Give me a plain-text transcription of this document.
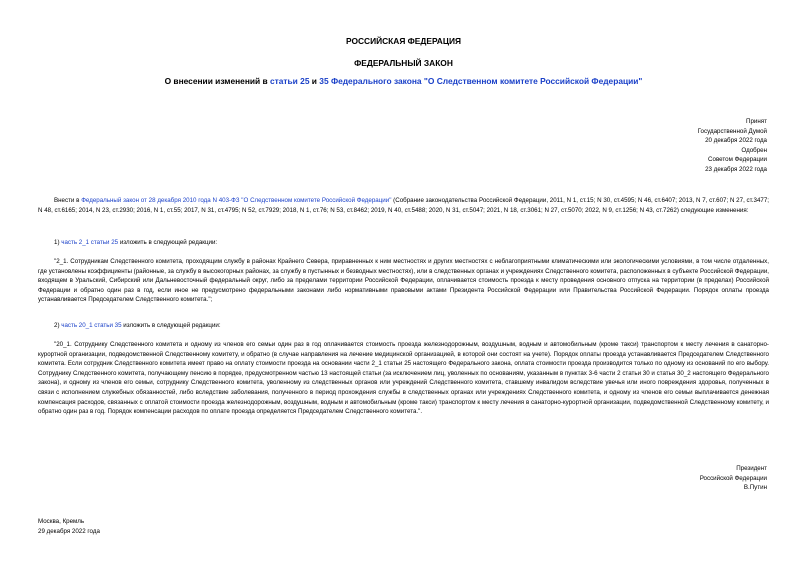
РОССИЙСКАЯ ФЕДЕРАЦИЯ
ФЕДЕРАЛЬНЫЙ ЗАКОН
О внесении изменений в статьи 25 и 35 Федерального закона "О Следственном комитете Российской Федерации"
Принят
Государственной Думой
20 декабря 2022 года
Одобрен
Советом Федерации
23 декабря 2022 года
Внести в Федеральный закон от 28 декабря 2010 года N 403-ФЗ "О Следственном комитете Российской Федерации" (Собрание законодательства Российской Федерации, 2011, N 1, ст.15; N 30, ст.4595; N 46, ст.6407; 2013, N 7, ст.607; N 27, ст.3477; N 48, ст.6165; 2014, N 23, ст.2930; 2016, N 1, ст.55; 2017, N 31, ст.4795; N 52, ст.7929; 2018, N 1, ст.76; N 53, ст.8462; 2019, N 40, ст.5488; 2020, N 31, ст.5047; 2021, N 18, ст.3061; N 27, ст.5070; 2022, N 9, ст.1256; N 43, ст.7262) следующие изменения:
1) часть 2_1 статьи 25 изложить в следующей редакции:
"2_1. Сотрудникам Следственного комитета, проходящим службу в районах Крайнего Севера, приравненных к ним местностях и других местностях с неблагоприятными климатическими или экологическими условиями, в том числе отдаленных, где установлены коэффициенты (районные, за службу в высокогорных районах, за службу в пустынных и безводных местностях), или в следственных органах и учреждениях Следственного комитета, расположенных в субъекте Российской Федерации, входящем в Уральский, Сибирский или Дальневосточный федеральный округ, либо за пределами территории Российской Федерации, оплачивается стоимость проезда к месту проведения основного отпуска на территории (в пределах) Российской Федерации и обратно один раз в год, если иное не предусмотрено федеральными законами либо нормативными правовыми актами Президента Российской Федерации или Правительства Российской Федерации. Порядок оплаты проезда устанавливается Председателем Следственного комитета.";
2) часть 20_1 статьи 35 изложить в следующей редакции:
"20_1. Сотруднику Следственного комитета и одному из членов его семьи один раз в год оплачивается стоимость проезда железнодорожным, воздушным, водным и автомобильным (кроме такси) транспортом к месту лечения в санаторно-курортной организации, подведомственной Следственному комитету, и обратно (в случае направления на лечение медицинской организацией, в которой они состоят на учете). Порядок оплаты проезда устанавливается Председателем Следственного комитета. Если сотрудник Следственного комитета имеет право на оплату стоимости проезда на основании части 2_1 статьи 25 настоящего Федерального закона, оплата стоимости проезда производится только по одному из оснований по его выбору. Сотруднику Следственного комитета, получающему пенсию в порядке, предусмотренном частью 13 настоящей статьи (за исключением лиц, уволенных по основаниям, указанным в пунктах 3-6 части 2 статьи 30 и статья 30_2 настоящего Федерального закона), и одному из членов его семьи, сотруднику Следственного комитета, уволенному из следственных органов или учреждений Следственного комитета, ставшему инвалидом вследствие увечья или иного повреждения здоровья, полученных в связи с исполнением служебных обязанностей, либо вследствие заболевания, полученного в период прохождения службы в следственных органах или учреждениях Следственного комитета, и одному из членов его семьи выплачивается денежная компенсация расходов, связанных с оплатой стоимости проезда железнодорожным, воздушным, водным и автомобильным (кроме такси) транспортом к месту лечения в санаторно-курортной организации, подведомственной Следственному комитету, и обратно один раз в год. Порядок компенсации расходов по оплате проезда определяется Председателем Следственного комитета.".
Президент
Российской Федерации
В.Путин
Москва, Кремль
29 декабря 2022 года
